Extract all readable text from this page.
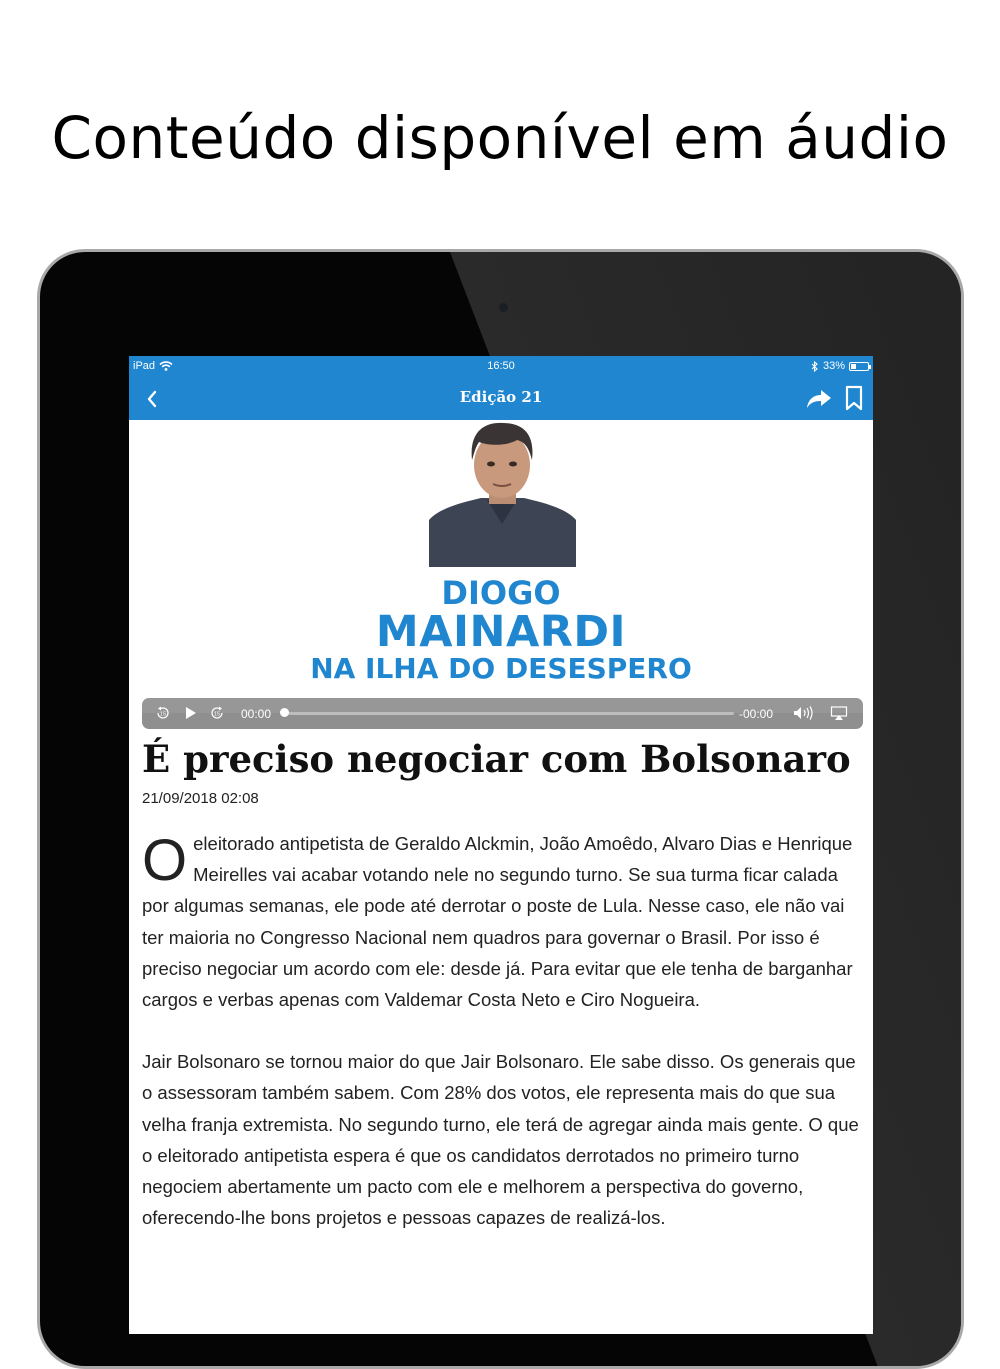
Conteúdo disponível em áudio
iPad	16:50	33%
Edição 21
DIOGO
MAINARDI
NA ILHA DO DESESPERO
15	15 00:00	-00:00
É preciso negociar com Bolsonaro
21/09/2018 02:08

Oeleitorado antipetista de Geraldo Alckmin, João Amoêdo, Alvaro Dias e Henrique Meirelles vai acabar votando nele no segundo turno. Se sua turma ficar calada por algumas semanas, ele pode até derrotar o poste de Lula. Nesse caso, ele não vai ter maioria no Congresso Nacional nem quadros para governar o Brasil. Por isso é preciso negociar um acordo com ele: desde já. Para evitar que ele tenha de barganhar cargos e verbas apenas com Valdemar Costa Neto e Ciro Nogueira.

Jair Bolsonaro se tornou maior do que Jair Bolsonaro. Ele sabe disso. Os generais que o assessoram também sabem. Com 28% dos votos, ele representa mais do que sua velha franja extremista. No segundo turno, ele terá de agregar ainda mais gente. O que o eleitorado antipetista espera é que os candidatos derrotados no primeiro turno negociem abertamente um pacto com ele e melhorem a perspectiva do governo, oferecendo-lhe bons projetos e pessoas capazes de realizá-los.
